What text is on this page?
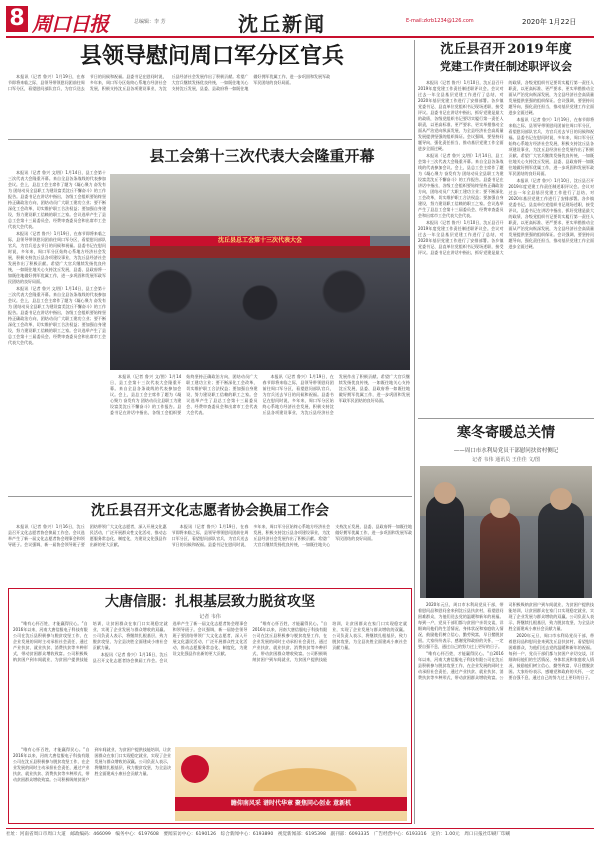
8 周口日报	总编辑：李 芳	沈丘新闻	E-mail:zkrb1234@126.com	2020年 1月22日
县领导慰问周口军分区官兵

本报讯（记者 鲁兴）1月19日，在春节即将来临之际，县领导带领慰问团前往周口军分区，看望慰问部队官兵，为官兵送去节日的问候和祝福。县委书记在慰问时说，多年来，周口军分区始终心系地方经济社会发展，积极支持沈丘县各项建设事业，为沈丘县经济社会发展作出了积极贡献。希望广大官兵继续发扬优良传统，一如既往地关心支持沈丘发展，县委、县政府将一如既往地做好拥军优属工作，进一步巩固和发展军政军民团结的良好局面。

县工会第十三次代表大会隆重开幕

本报讯（记者 鲁兴 文/图）1月14日，县工会第十三次代表大会隆重开幕。来自全县各条战线的代表参加会议。会上，县总工会主席作了题为《凝心聚力 奋发有为 团结动员全县职工为建设富美沈丘不懈奋斗》的工作报告。县委书记在讲话中指出，各级工会组织要始终坚持正确政治方向，团结动员广大职工建功立业；要不断深化工会改革，切实维护职工合法权益；要加强自身建设，努力建设职工信赖的职工之家。会议选举产生了县总工会第十三届委员会、经费审查委员会和出席市工会代表大会代表。

本报讯（记者 鲁兴）1月19日，在春节即将来临之际，县领导带领慰问团前往周口军分区，看望慰问部队官兵，为官兵送去节日的问候和祝福。县委书记在慰问时说，多年来，周口军分区始终心系地方经济社会发展，积极支持沈丘县各项建设事业，为沈丘县经济社会发展作出了积极贡献。希望广大官兵继续发扬优良传统，一如既往地关心支持沈丘发展，县委、县政府将一如既往地做好拥军优属工作，进一步巩固和发展军政军民团结的良好局面。

本报讯（记者 鲁兴 文/图）1月14日，县工会第十三次代表大会隆重开幕。来自全县各条战线的代表参加会议。会上，县总工会主席作了题为《凝心聚力 奋发有为 团结动员全县职工为建设富美沈丘不懈奋斗》的工作报告。县委书记在讲话中指出，各级工会组织要始终坚持正确政治方向，团结动员广大职工建功立业；要不断深化工会改革，切实维护职工合法权益；要加强自身建设，努力建设职工信赖的职工之家。会议选举产生了县总工会第十三届委员会、经费审查委员会和出席市工会代表大会代表。

沈丘县总工会第十三次代表大会

本报讯（记者 鲁兴 文/图）1月14日，县工会第十三次代表大会隆重开幕。来自全县各条战线的代表参加会议。会上，县总工会主席作了题为《凝心聚力 奋发有为 团结动员全县职工为建设富美沈丘不懈奋斗》的工作报告。县委书记在讲话中指出，各级工会组织要始终坚持正确政治方向，团结动员广大职工建功立业；要不断深化工会改革，切实维护职工合法权益；要加强自身建设，努力建设职工信赖的职工之家。会议选举产生了县总工会第十三届委员会、经费审查委员会和出席市工会代表大会代表。

本报讯（记者 鲁兴）1月19日，在春节即将来临之际，县领导带领慰问团前往周口军分区，看望慰问部队官兵，为官兵送去节日的问候和祝福。县委书记在慰问时说，多年来，周口军分区始终心系地方经济社会发展，积极支持沈丘县各项建设事业，为沈丘县经济社会发展作出了积极贡献。希望广大官兵继续发扬优良传统，一如既往地关心支持沈丘发展，县委、县政府将一如既往地做好拥军优属工作，进一步巩固和发展军政军民团结的良好局面。

沈丘县召开文化志愿者协会换届工作会

本报讯（记者 鲁兴）1月16日，沈丘县召开文化志愿者协会换届工作会。会议选举产生了新一届文化志愿者协会理事会和领导班子。会议强调，新一届协会领导班子要团结带领广大文化志愿者，深入开展文化惠民活动，广泛开展群众性文化活动，推动志愿服务常态化、制度化，为建设文化强县作出新的更大贡献。

本报讯（记者 鲁兴）1月19日，在春节即将来临之际，县领导带领慰问团前往周口军分区，看望慰问部队官兵，为官兵送去节日的问候和祝福。县委书记在慰问时说，多年来，周口军分区始终心系地方经济社会发展，积极支持沈丘县各项建设事业，为沈丘县经济社会发展作出了积极贡献。希望广大官兵继续发扬优良传统，一如既往地关心支持沈丘发展，县委、县政府将一如既往地做好拥军优属工作，进一步巩固和发展军政军民团结的良好局面。

大唐信服：扎根基层致力脱贫攻坚
记者 韦伟

“唯有心怀百姓，才能赢得民心。”自2016年以来，河南大唐信服电子科技有限公司在沈丘县积极参与脱贫攻坚工作，在企业发展的同时主动承担社会责任，通过产业扶贫、就业扶贫、消费扶贫等多种形式，带动贫困群众增收致富。公司积极吸纳贫困户到车间就业，为贫困户提供技能培训，让贫困群众在家门口实现稳定就业，实现了企业发展与群众增收的双赢。公司负责人表示，将继续扎根基层，致力脱贫攻坚，为全县决胜全面建成小康社会贡献力量。

本报讯（记者 鲁兴）1月16日，沈丘县召开文化志愿者协会换届工作会。会议选举产生了新一届文化志愿者协会理事会和领导班子。会议强调，新一届协会领导班子要团结带领广大文化志愿者，深入开展文化惠民活动，广泛开展群众性文化活动，推动志愿服务常态化、制度化，为建设文化强县作出新的更大贡献。

“唯有心怀百姓，才能赢得民心。”自2016年以来，河南大唐信服电子科技有限公司在沈丘县积极参与脱贫攻坚工作，在企业发展的同时主动承担社会责任，通过产业扶贫、就业扶贫、消费扶贫等多种形式，带动贫困群众增收致富。公司积极吸纳贫困户到车间就业，为贫困户提供技能培训，让贫困群众在家门口实现稳定就业，实现了企业发展与群众增收的双赢。公司负责人表示，将继续扎根基层，致力脱贫攻坚，为全县决胜全面建成小康社会贡献力量。

“唯有心怀百姓，才能赢得民心。”自2016年以来，河南大唐信服电子科技有限公司在沈丘县积极参与脱贫攻坚工作，在企业发展的同时主动承担社会责任，通过产业扶贫、就业扶贫、消费扶贫等多种形式，带动贫困群众增收致富。公司积极吸纳贫困户到车间就业，为贫困户提供技能培训，让贫困群众在家门口实现稳定就业，实现了企业发展与群众增收的双赢。公司负责人表示，将继续扎根基层，致力脱贫攻坚，为全县决胜全面建成小康社会贡献力量。

瞻仰南风采 谱时代华章 聚焦同心创业 意新机
沈丘县召开 2019 年度
党建工作责任制述职评议会

本报讯（记者 鲁兴）1月10日，沈丘县召开2019年度党建工作责任制述职评议会。会议对过去一年全县基层党建工作进行了总结，对2020年基层党建工作进行了安排部署。各乡镇党委书记、县直单位党组织书记现场述职，接受评议。县委书记在讲话中指出，抓好党建是最大的政绩，各级党组织书记要切实履行第一责任人职责，以更高标准、更严要求、更实举措推动全面从严治党向纵深发展，为全县经济社会高质量发展提供坚强的组织保证。会议强调，要坚持问题导向，强化责任担当，推动基层党建工作全面进步全面过硬。

本报讯（记者 鲁兴 文/图）1月14日，县工会第十三次代表大会隆重开幕。来自全县各条战线的代表参加会议。会上，县总工会主席作了题为《凝心聚力 奋发有为 团结动员全县职工为建设富美沈丘不懈奋斗》的工作报告。县委书记在讲话中指出，各级工会组织要始终坚持正确政治方向，团结动员广大职工建功立业；要不断深化工会改革，切实维护职工合法权益；要加强自身建设，努力建设职工信赖的职工之家。会议选举产生了县总工会第十三届委员会、经费审查委员会和出席市工会代表大会代表。

本报讯（记者 鲁兴）1月10日，沈丘县召开2019年度党建工作责任制述职评议会。会议对过去一年全县基层党建工作进行了总结，对2020年基层党建工作进行了安排部署。各乡镇党委书记、县直单位党组织书记现场述职，接受评议。县委书记在讲话中指出，抓好党建是最大的政绩，各级党组织书记要切实履行第一责任人职责，以更高标准、更严要求、更实举措推动全面从严治党向纵深发展，为全县经济社会高质量发展提供坚强的组织保证。会议强调，要坚持问题导向，强化责任担当，推动基层党建工作全面进步全面过硬。

本报讯（记者 鲁兴）1月19日，在春节即将来临之际，县领导带领慰问团前往周口军分区，看望慰问部队官兵，为官兵送去节日的问候和祝福。县委书记在慰问时说，多年来，周口军分区始终心系地方经济社会发展，积极支持沈丘县各项建设事业，为沈丘县经济社会发展作出了积极贡献。希望广大官兵继续发扬优良传统，一如既往地关心支持沈丘发展，县委、县政府将一如既往地做好拥军优属工作，进一步巩固和发展军政军民团结的良好局面。

本报讯（记者 鲁兴）1月10日，沈丘县召开2019年度党建工作责任制述职评议会。会议对过去一年全县基层党建工作进行了总结，对2020年基层党建工作进行了安排部署。各乡镇党委书记、县直单位党组织书记现场述职，接受评议。县委书记在讲话中指出，抓好党建是最大的政绩，各级党组织书记要切实履行第一责任人职责，以更高标准、更严要求、更实举措推动全面从严治党向纵深发展，为全县经济社会高质量发展提供坚强的组织保证。会议强调，要坚持问题导向，强化责任担当，推动基层党建工作全面进步全面过硬。

寒冬寄暖总关情
——周口市水利局党员干部慰问扶贫村侧记
记者 韦伟 通讯员 王佳佳 文/图

2020年元旦，周口市水利局党员干部，带着慰问品和慰问金来到沈丘县扶贫村，看望慰问困难群众，为他们送去党的温暖和新年的祝福。每到一户，党员干部们都与贫困户亲切交谈，详细询问他们的生活情况、身体状况和家庭收入情况，鼓励他们树立信心，勤劳致富，早日摆脱贫困。大家纷纷表示，感谢党和政府的关怀，一定要自强不息，通过自己的努力过上更好的日子。

“唯有心怀百姓，才能赢得民心。”自2016年以来，河南大唐信服电子科技有限公司在沈丘县积极参与脱贫攻坚工作，在企业发展的同时主动承担社会责任，通过产业扶贫、就业扶贫、消费扶贫等多种形式，带动贫困群众增收致富。公司积极吸纳贫困户到车间就业，为贫困户提供技能培训，让贫困群众在家门口实现稳定就业，实现了企业发展与群众增收的双赢。公司负责人表示，将继续扎根基层，致力脱贫攻坚，为全县决胜全面建成小康社会贡献力量。

2020年元旦，周口市水利局党员干部，带着慰问品和慰问金来到沈丘县扶贫村，看望慰问困难群众，为他们送去党的温暖和新年的祝福。每到一户，党员干部们都与贫困户亲切交谈，详细询问他们的生活情况、身体状况和家庭收入情况，鼓励他们树立信心，勤劳致富，早日摆脱贫困。大家纷纷表示，感谢党和政府的关怀，一定要自强不息，通过自己的努力过上更好的日子。

社址：河南省周口市周口大道　邮政编码：466099　编务中心：6197608　要闻采访中心：6190126　综合新闻中心：6193890　视觉新闻部：6195398　副刊部：6093335　广告经营中心：6193316　定价：1.00元　周口日报社印刷厂印刷
